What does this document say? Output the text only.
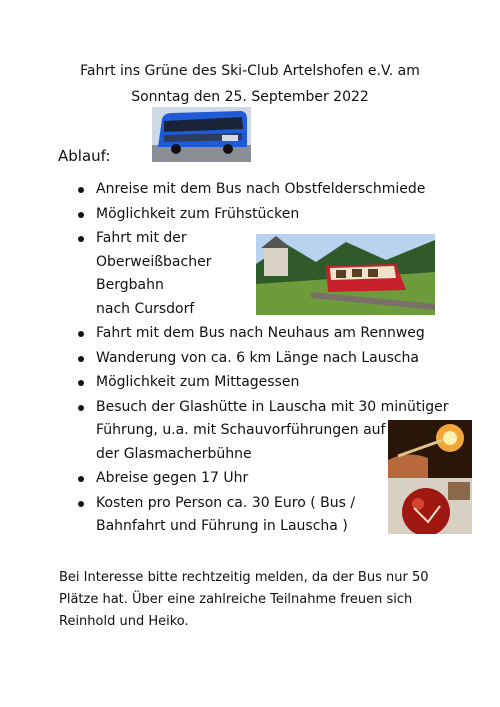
Fahrt ins Grüne des Ski-Club Artelshofen e.V. am
Sonntag den 25. September 2022
Ablauf:
Anreise mit dem Bus nach Obstfelderschmiede
Möglichkeit zum Frühstücken
Fahrt mit der
Oberweißbacher
Bergbahn
nach Cursdorf
Fahrt mit dem Bus nach Neuhaus am Rennweg
Wanderung von ca. 6 km Länge nach Lauscha
Möglichkeit zum Mittagessen
Besuch der Glashütte in Lauscha mit 30 minütiger
Führung, u.a. mit Schauvorführungen auf
der Glasmacherbühne
Abreise gegen 17 Uhr
Kosten pro Person ca. 30 Euro ( Bus /
Bahnfahrt und Führung in Lauscha )
Bei Interesse bitte rechtzeitig melden, da der Bus nur 50
Plätze hat. Über eine zahlreiche Teilnahme freuen sich
Reinhold und Heiko.
